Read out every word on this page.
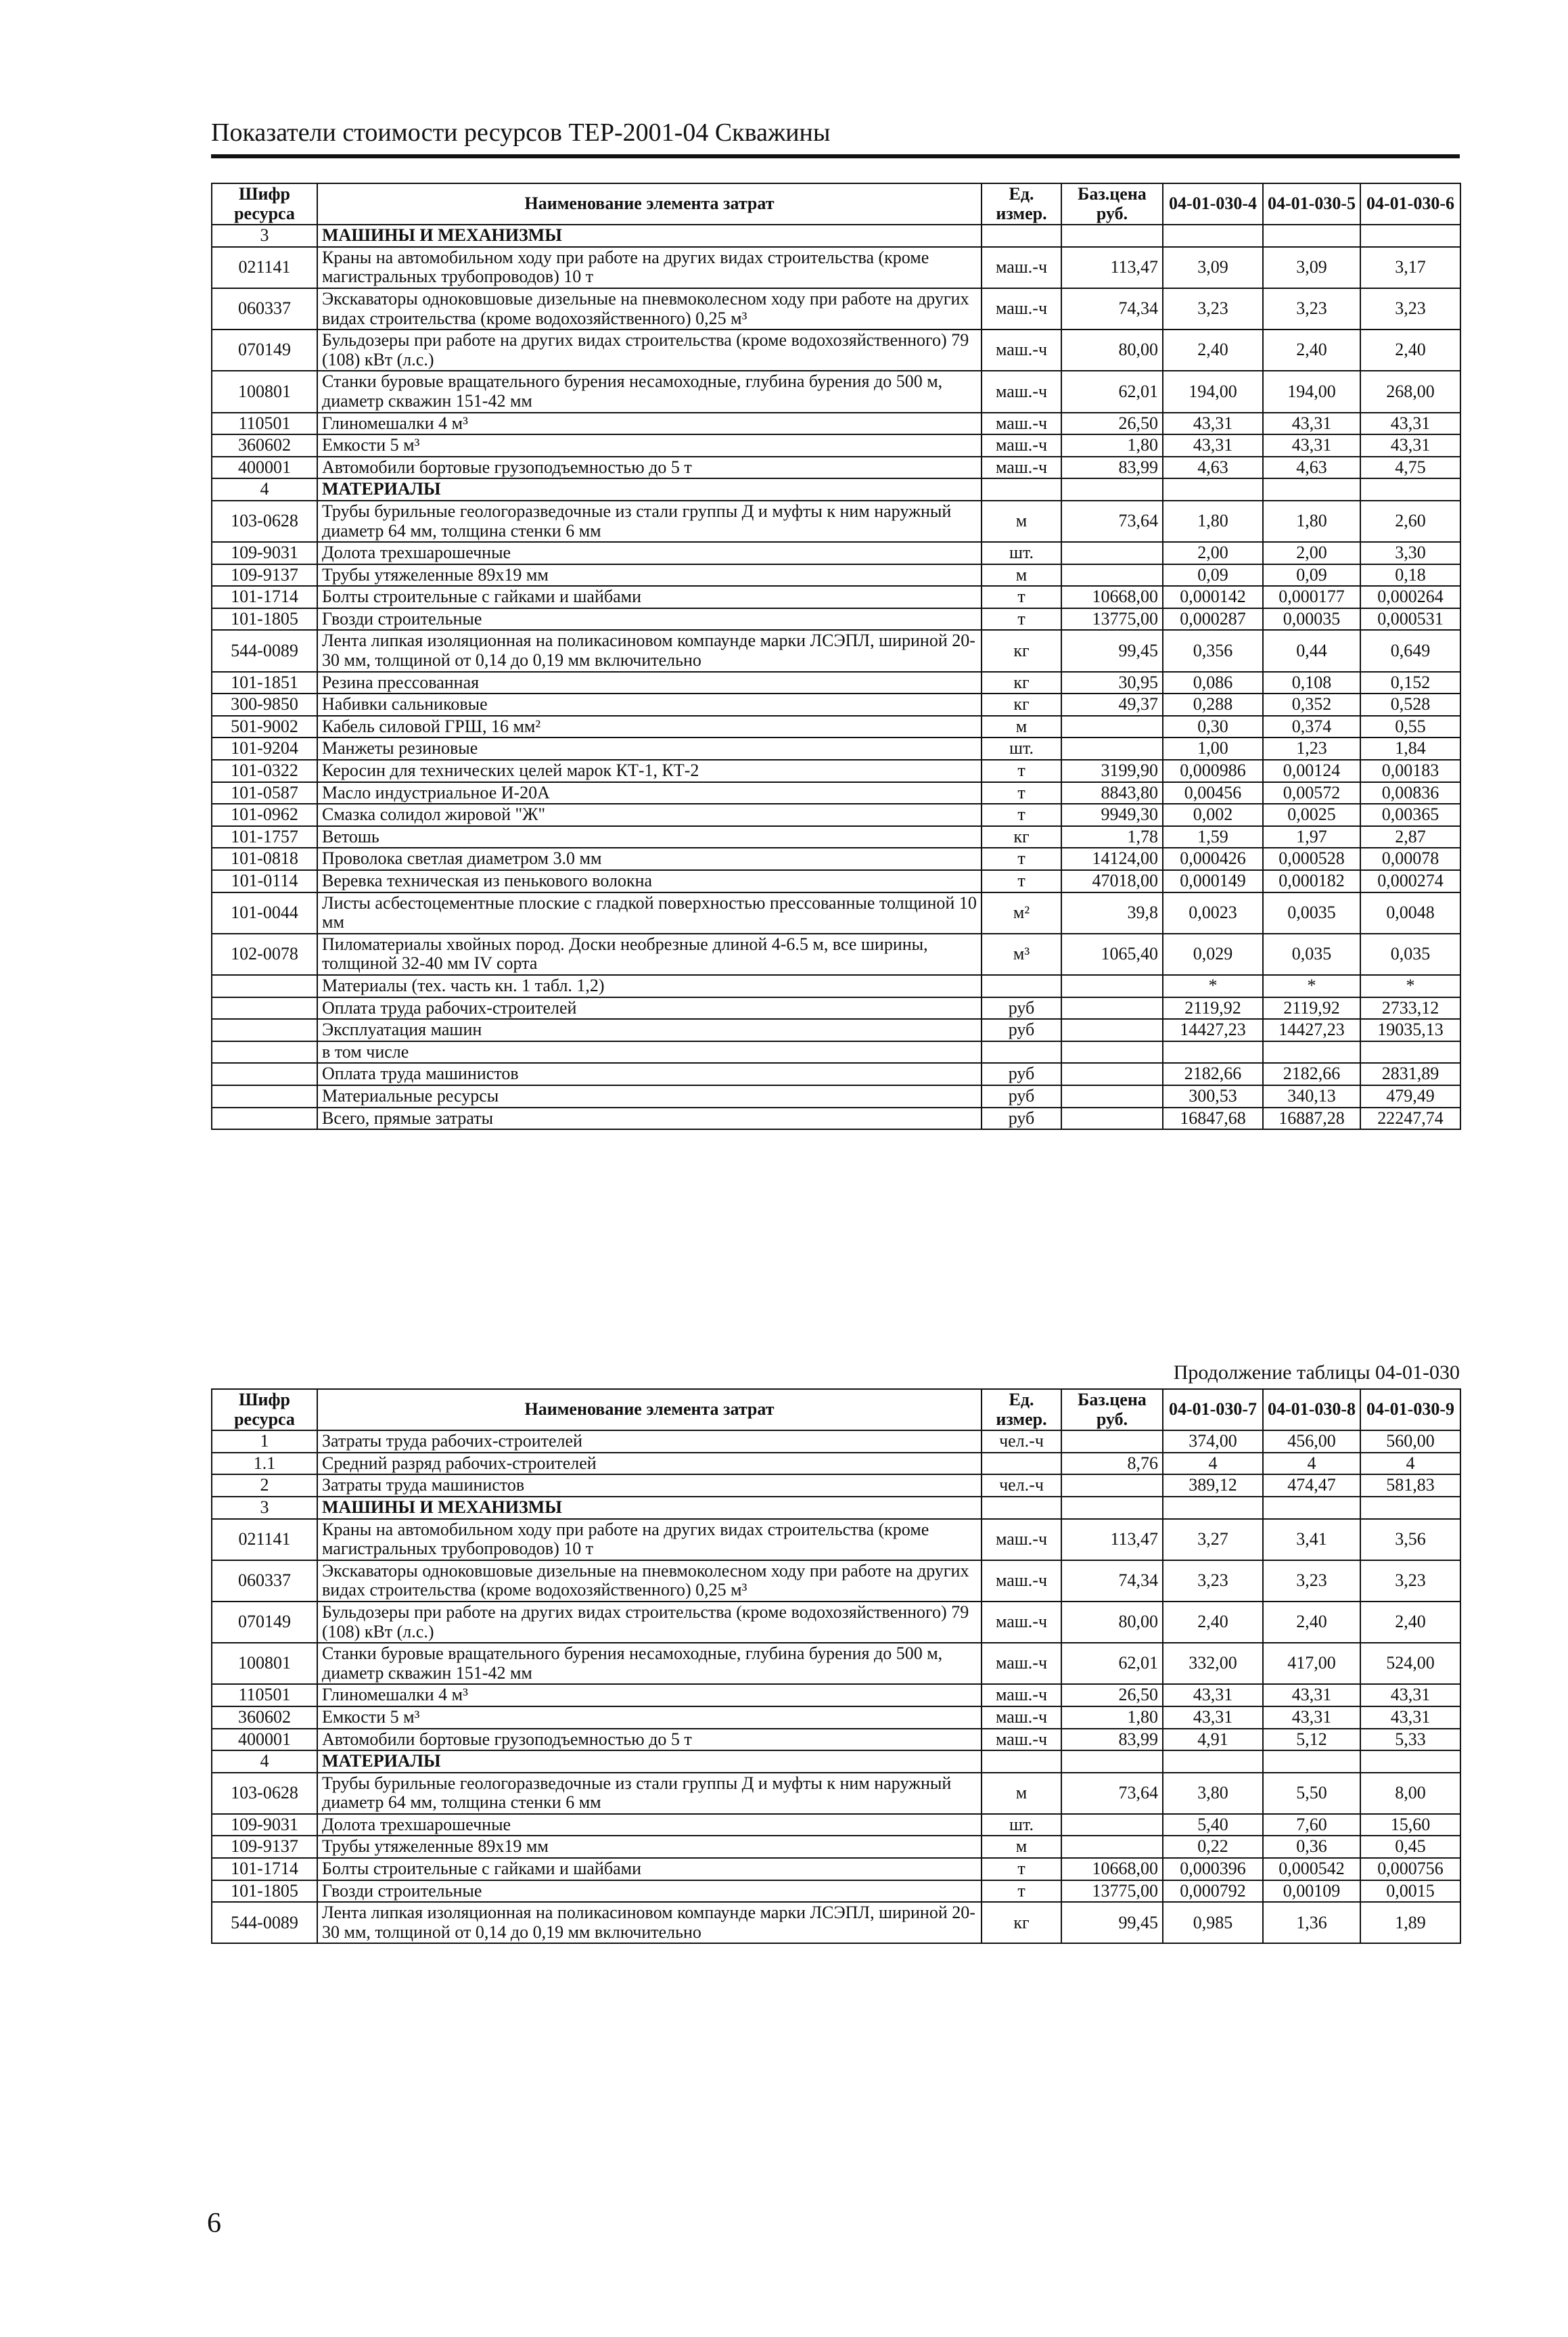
Показатели стоимости ресурсов ТЕР-2001-04 Скважины
Шифр ресурса	Наименование элемента затрат	Ед. измер.	Баз.цена руб.	04-01-030-4	04-01-030-5	04-01-030-6
3	МАШИНЫ И МЕХАНИЗМЫ					
021141	Краны на автомобильном ходу при работе на других видах строительства (кроме магистральных трубопроводов) 10 т	маш.-ч	113,47	3,09	3,09	3,17
060337	Экскаваторы одноковшовые дизельные на пневмоколесном ходу при работе на других видах строительства (кроме водохозяйственного) 0,25 м³	маш.-ч	74,34	3,23	3,23	3,23
070149	Бульдозеры при работе на других видах строительства (кроме водохозяйственного) 79 (108) кВт (л.с.)	маш.-ч	80,00	2,40	2,40	2,40
100801	Станки буровые вращательного бурения несамоходные, глубина бурения до 500 м, диаметр скважин 151-42 мм	маш.-ч	62,01	194,00	194,00	268,00
110501	Глиномешалки 4 м³	маш.-ч	26,50	43,31	43,31	43,31
360602	Емкости 5 м³	маш.-ч	1,80	43,31	43,31	43,31
400001	Автомобили бортовые грузоподъемностью до 5 т	маш.-ч	83,99	4,63	4,63	4,75
4	МАТЕРИАЛЫ					
103-0628	Трубы бурильные геологоразведочные из стали группы Д и муфты к ним наружный диаметр 64 мм, толщина стенки 6 мм	м	73,64	1,80	1,80	2,60
109-9031	Долота трехшарошечные	шт.		2,00	2,00	3,30
109-9137	Трубы утяжеленные 89х19 мм	м		0,09	0,09	0,18
101-1714	Болты строительные с гайками и шайбами	т	10668,00	0,000142	0,000177	0,000264
101-1805	Гвозди строительные	т	13775,00	0,000287	0,00035	0,000531
544-0089	Лента липкая изоляционная на поликасиновом компаунде марки ЛСЭПЛ, шириной 20-30 мм, толщиной от 0,14 до 0,19 мм включительно	кг	99,45	0,356	0,44	0,649
101-1851	Резина прессованная	кг	30,95	0,086	0,108	0,152
300-9850	Набивки сальниковые	кг	49,37	0,288	0,352	0,528
501-9002	Кабель силовой ГРШ, 16 мм²	м		0,30	0,374	0,55
101-9204	Манжеты резиновые	шт.		1,00	1,23	1,84
101-0322	Керосин для технических целей марок КТ-1, КТ-2	т	3199,90	0,000986	0,00124	0,00183
101-0587	Масло индустриальное И-20А	т	8843,80	0,00456	0,00572	0,00836
101-0962	Смазка солидол жировой "Ж"	т	9949,30	0,002	0,0025	0,00365
101-1757	Ветошь	кг	1,78	1,59	1,97	2,87
101-0818	Проволока светлая диаметром 3.0 мм	т	14124,00	0,000426	0,000528	0,00078
101-0114	Веревка техническая из пенькового волокна	т	47018,00	0,000149	0,000182	0,000274
101-0044	Листы асбестоцементные плоские с гладкой поверхностью прессованные толщиной 10 мм	м²	39,8	0,0023	0,0035	0,0048
102-0078	Пиломатериалы хвойных пород. Доски необрезные длиной 4-6.5 м, все ширины, толщиной 32-40 мм IV сорта	м³	1065,40	0,029	0,035	0,035
	Материалы (тех. часть кн. 1 табл. 1,2)			*	*	*
	Оплата труда рабочих-строителей	руб		2119,92	2119,92	2733,12
	Эксплуатация машин	руб		14427,23	14427,23	19035,13
	в том числе					
	Оплата труда машинистов	руб		2182,66	2182,66	2831,89
	Материальные ресурсы	руб		300,53	340,13	479,49
	Всего, прямые затраты	руб		16847,68	16887,28	22247,74
Продолжение таблицы 04-01-030
Шифр ресурса	Наименование элемента затрат	Ед. измер.	Баз.цена руб.	04-01-030-7	04-01-030-8	04-01-030-9
1	Затраты труда рабочих-строителей	чел.-ч		374,00	456,00	560,00
1.1	Средний разряд рабочих-строителей		8,76	4	4	4
2	Затраты труда машинистов	чел.-ч		389,12	474,47	581,83
3	МАШИНЫ И МЕХАНИЗМЫ					
021141	Краны на автомобильном ходу при работе на других видах строительства (кроме магистральных трубопроводов) 10 т	маш.-ч	113,47	3,27	3,41	3,56
060337	Экскаваторы одноковшовые дизельные на пневмоколесном ходу при работе на других видах строительства (кроме водохозяйственного) 0,25 м³	маш.-ч	74,34	3,23	3,23	3,23
070149	Бульдозеры при работе на других видах строительства (кроме водохозяйственного) 79 (108) кВт (л.с.)	маш.-ч	80,00	2,40	2,40	2,40
100801	Станки буровые вращательного бурения несамоходные, глубина бурения до 500 м, диаметр скважин 151-42 мм	маш.-ч	62,01	332,00	417,00	524,00
110501	Глиномешалки 4 м³	маш.-ч	26,50	43,31	43,31	43,31
360602	Емкости 5 м³	маш.-ч	1,80	43,31	43,31	43,31
400001	Автомобили бортовые грузоподъемностью до 5 т	маш.-ч	83,99	4,91	5,12	5,33
4	МАТЕРИАЛЫ					
103-0628	Трубы бурильные геологоразведочные из стали группы Д и муфты к ним наружный диаметр 64 мм, толщина стенки 6 мм	м	73,64	3,80	5,50	8,00
109-9031	Долота трехшарошечные	шт.		5,40	7,60	15,60
109-9137	Трубы утяжеленные 89х19 мм	м		0,22	0,36	0,45
101-1714	Болты строительные с гайками и шайбами	т	10668,00	0,000396	0,000542	0,000756
101-1805	Гвозди строительные	т	13775,00	0,000792	0,00109	0,0015
544-0089	Лента липкая изоляционная на поликасиновом компаунде марки ЛСЭПЛ, шириной 20-30 мм, толщиной от 0,14 до 0,19 мм включительно	кг	99,45	0,985	1,36	1,89
6
